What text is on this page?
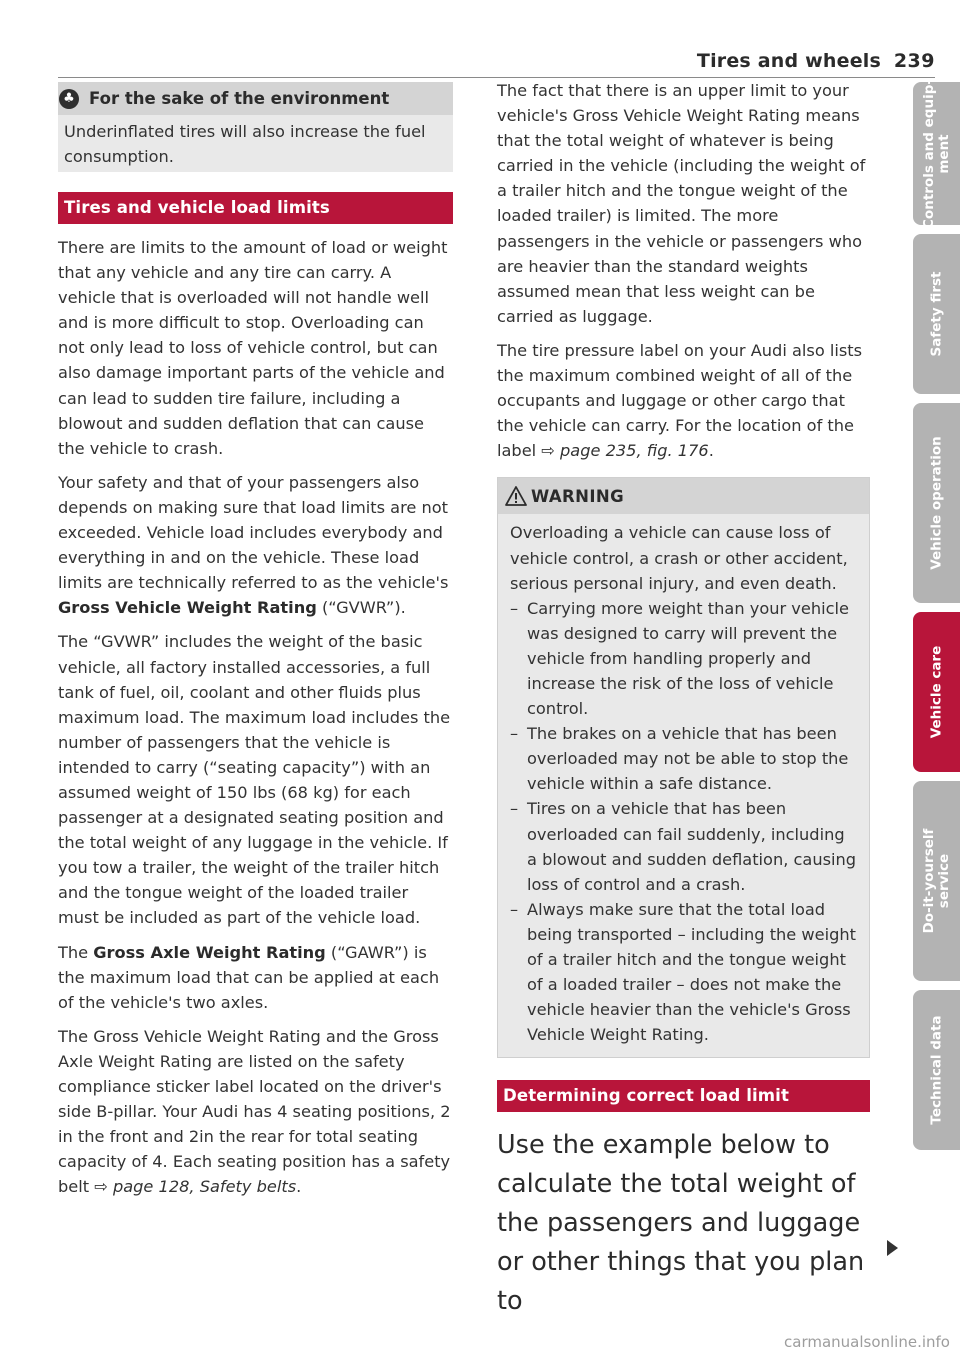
Tires and wheels 239
♣ For the sake of the environment
Underinflated tires will also increase the fuel consumption.
Tires and vehicle load limits

There are limits to the amount of load or weight that any vehicle and any tire can carry. A vehicle that is overloaded will not handle well and is more difficult to stop. Overloading can not only lead to loss of vehicle control, but can also damage important parts of the vehicle and can lead to sudden tire failure, including a blowout and sudden deflation that can cause the vehicle to crash.

Your safety and that of your passengers also depends on making sure that load limits are not exceeded. Vehicle load includes everybody and everything in and on the vehicle. These load limits are technically referred to as the vehicle's Gross Vehicle Weight Rating (“GVWR”).

The “GVWR” includes the weight of the basic vehicle, all factory installed accessories, a full tank of fuel, oil, coolant and other fluids plus maximum load. The maximum load includes the number of passengers that the vehicle is intended to carry (“seating capacity”) with an assumed weight of 150 lbs (68 kg) for each passenger at a designated seating position and the total weight of any luggage in the vehicle. If you tow a trailer, the weight of the trailer hitch and the tongue weight of the loaded trailer must be included as part of the vehicle load.

The Gross Axle Weight Rating (“GAWR”) is the maximum load that can be applied at each of the vehicle's two axles.

The Gross Vehicle Weight Rating and the Gross Axle Weight Rating are listed on the safety compliance sticker label located on the driver's side B-pillar. Your Audi has 4 seating positions, 2 in the front and 2in the rear for total seating capacity of 4. Each seating position has a safety belt ⇨ page 128, Safety belts.

The fact that there is an upper limit to your vehicle's Gross Vehicle Weight Rating means that the total weight of whatever is being carried in the vehicle (including the weight of a trailer hitch and the tongue weight of the loaded trailer) is limited. The more passengers in the vehicle or passengers who are heavier than the standard weights assumed mean that less weight can be carried as luggage.

The tire pressure label on your Audi also lists the maximum combined weight of all of the occupants and luggage or other cargo that the vehicle can carry. For the location of the label ⇨ page 235, fig. 176.

WARNING
Overloading a vehicle can cause loss of vehicle control, a crash or other accident, serious personal injury, and even death.
– Carrying more weight than your vehicle was designed to carry will prevent the vehicle from handling properly and increase the risk of the loss of vehicle control.
– The brakes on a vehicle that has been overloaded may not be able to stop the vehicle within a safe distance.
– Tires on a vehicle that has been overloaded can fail suddenly, including a blowout and sudden deflation, causing loss of control and a crash.
– Always make sure that the total load being transported – including the weight of a trailer hitch and the tongue weight of a loaded trailer – does not make the vehicle heavier than the vehicle's Gross Vehicle Weight Rating.
Determining correct load limit
Use the example below to calculate the total weight of the passengers and luggage or other things that you plan to
Controls and equip-
ment
Safety first
Vehicle operation
Vehicle care
Do-it-yourself
service
Technical data
carmanualsonline.info
